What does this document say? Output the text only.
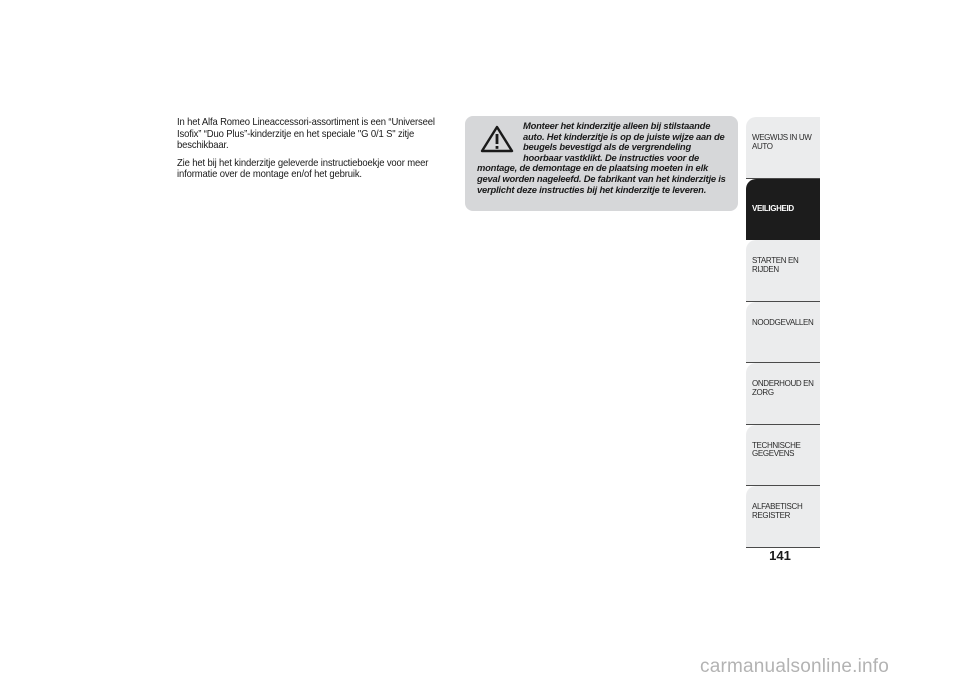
In het Alfa Romeo Lineaccessori-assortiment is een “Universeel Isofix” “Duo Plus”-kinderzitje en het speciale "G 0/1 S" zitje beschikbaar.

Zie het bij het kinderzitje geleverde instructieboekje voor meer informatie over de montage en/of het gebruik.

Monteer het kinderzitje alleen bij stilstaande auto. Het kinderzitje is op de juiste wijze aan de beugels bevestigd als de vergrendeling hoorbaar vastklikt. De instructies voor de montage, de demontage en de plaatsing moeten in elk geval worden nageleefd. De fabrikant van het kinderzitje is verplicht deze instructies bij het kinderzitje te leveren.
WEGWIJS IN UW AUTO
VEILIGHEID
STARTEN EN RIJDEN
NOODGEVALLEN
ONDERHOUD EN ZORG
TECHNISCHE GEGEVENS
ALFABETISCH REGISTER
141
carmanualsonline.info
